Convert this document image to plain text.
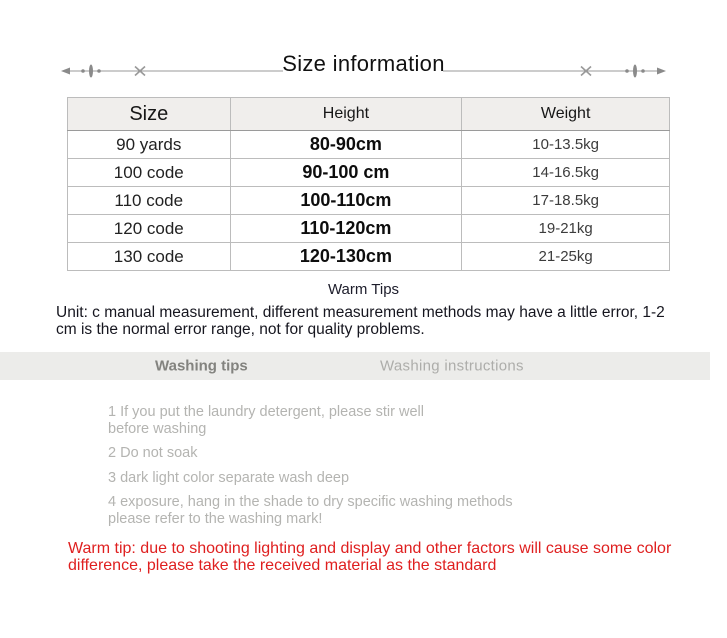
Size information
Size	Height	Weight
90 yards	80-90cm	10-13.5kg
100 code	90-100 cm	14-16.5kg
110 code	100-110cm	17-18.5kg
120 code	110-120cm	19-21kg
130 code	120-130cm	21-25kg
Warm Tips
Unit: c manual measurement, different measurement methods may have a little error, 1-2
cm is the normal error range, not for quality problems.
Washing tips	Washing instructions
1 If you put the laundry detergent, please stir well
before washing
2 Do not soak
3 dark light color separate wash deep
4 exposure, hang in the shade to dry specific washing methods
please refer to the washing mark!
Warm tip: due to shooting lighting and display and other factors will cause some color
difference, please take the received material as the standard
